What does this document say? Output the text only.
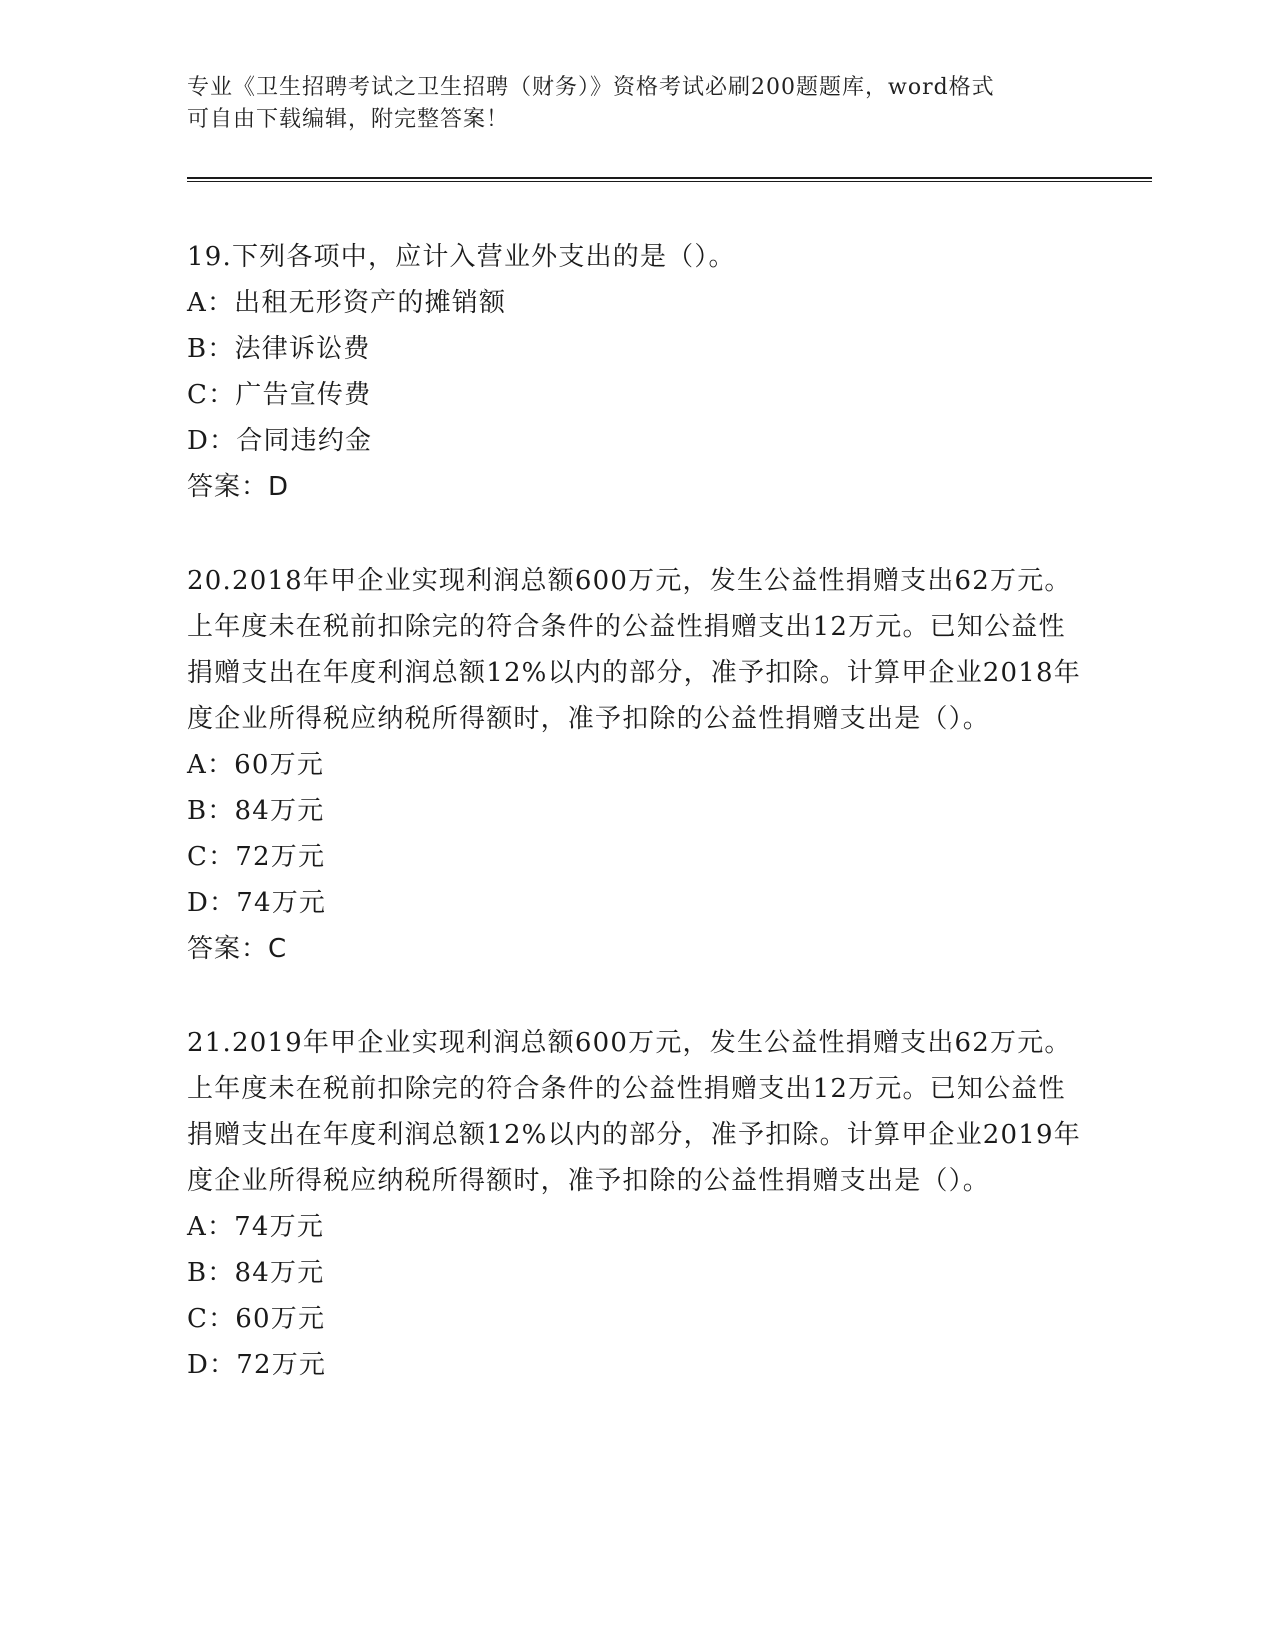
专业《卫生招聘考试之卫生招聘（财务）》资格考试必刷200题题库，word格式
可自由下载编辑，附完整答案！

19.下列各项中，应计入营业外支出的是（）。

A：出租无形资产的摊销额

B：法律诉讼费

C：广告宣传费

D：合同违约金

答案：D

20.2018年甲企业实现利润总额600万元，发生公益性捐赠支出62万元。上年度未在税前扣除完的符合条件的公益性捐赠支出12万元。已知公益性捐赠支出在年度利润总额12%以内的部分，准予扣除。计算甲企业2018年度企业所得税应纳税所得额时，准予扣除的公益性捐赠支出是（）。

A：60万元

B：84万元

C：72万元

D：74万元

答案：C

21.2019年甲企业实现利润总额600万元，发生公益性捐赠支出62万元。上年度未在税前扣除完的符合条件的公益性捐赠支出12万元。已知公益性捐赠支出在年度利润总额12%以内的部分，准予扣除。计算甲企业2019年度企业所得税应纳税所得额时，准予扣除的公益性捐赠支出是（）。

A：74万元

B：84万元

C：60万元

D：72万元
